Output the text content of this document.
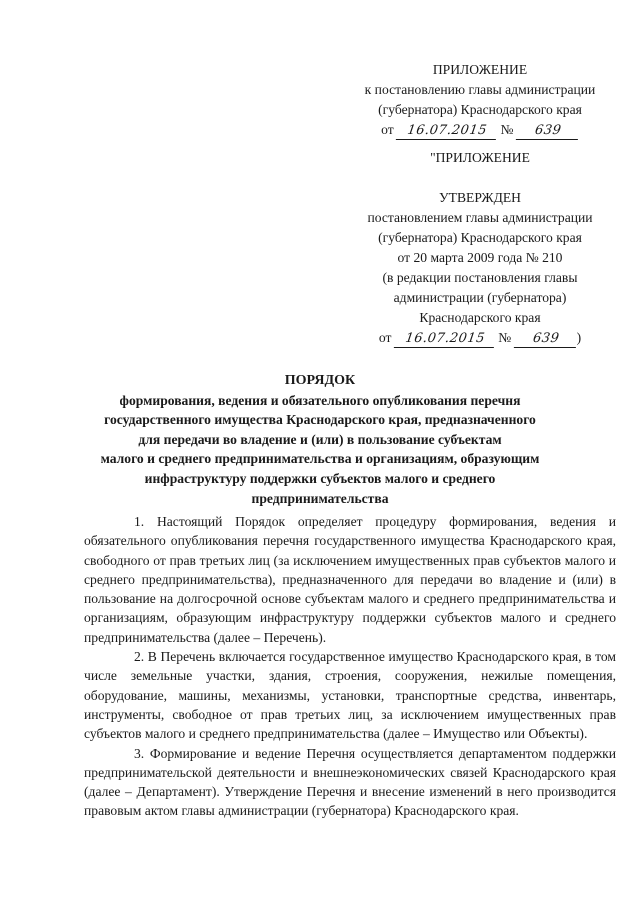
ПРИЛОЖЕНИЕ
к постановлению главы администрации
(губернатора) Краснодарского края
от 16.07.2015 № 639
"ПРИЛОЖЕНИЕ
УТВЕРЖДЕН
постановлением главы администрации
(губернатора) Краснодарского края
от 20 марта 2009 года № 210
(в редакции постановления главы
администрации (губернатора)
Краснодарского края
от 16.07.2015 № 639 )
ПОРЯДОК
формирования, ведения и обязательного опубликования перечня
государственного имущества Краснодарского края, предназначенного
для передачи во владение и (или) в пользование субъектам
малого и среднего предпринимательства и организациям, образующим
инфраструктуру поддержки субъектов малого и среднего
предпринимательства

1. Настоящий Порядок определяет процедуру формирования, ведения и обязательного опубликования перечня государственного имущества Краснодарского края, свободного от прав третьих лиц (за исключением имущественных прав субъектов малого и среднего предпринимательства), предназначенного для передачи во владение и (или) в пользование на долгосрочной основе субъектам малого и среднего предпринимательства и организациям, образующим инфраструктуру поддержки субъектов малого и среднего предпринимательства (далее – Перечень).

2. В Перечень включается государственное имущество Краснодарского края, в том числе земельные участки, здания, строения, сооружения, нежилые помещения, оборудование, машины, механизмы, установки, транспортные средства, инвентарь, инструменты, свободное от прав третьих лиц, за исключением имущественных прав субъектов малого и среднего предпринимательства (далее – Имущество или Объекты).

3. Формирование и ведение Перечня осуществляется департаментом поддержки предпринимательской деятельности и внешнеэкономических связей Краснодарского края (далее – Департамент). Утверждение Перечня и внесение изменений в него производится правовым актом главы администрации (губернатора) Краснодарского края.
